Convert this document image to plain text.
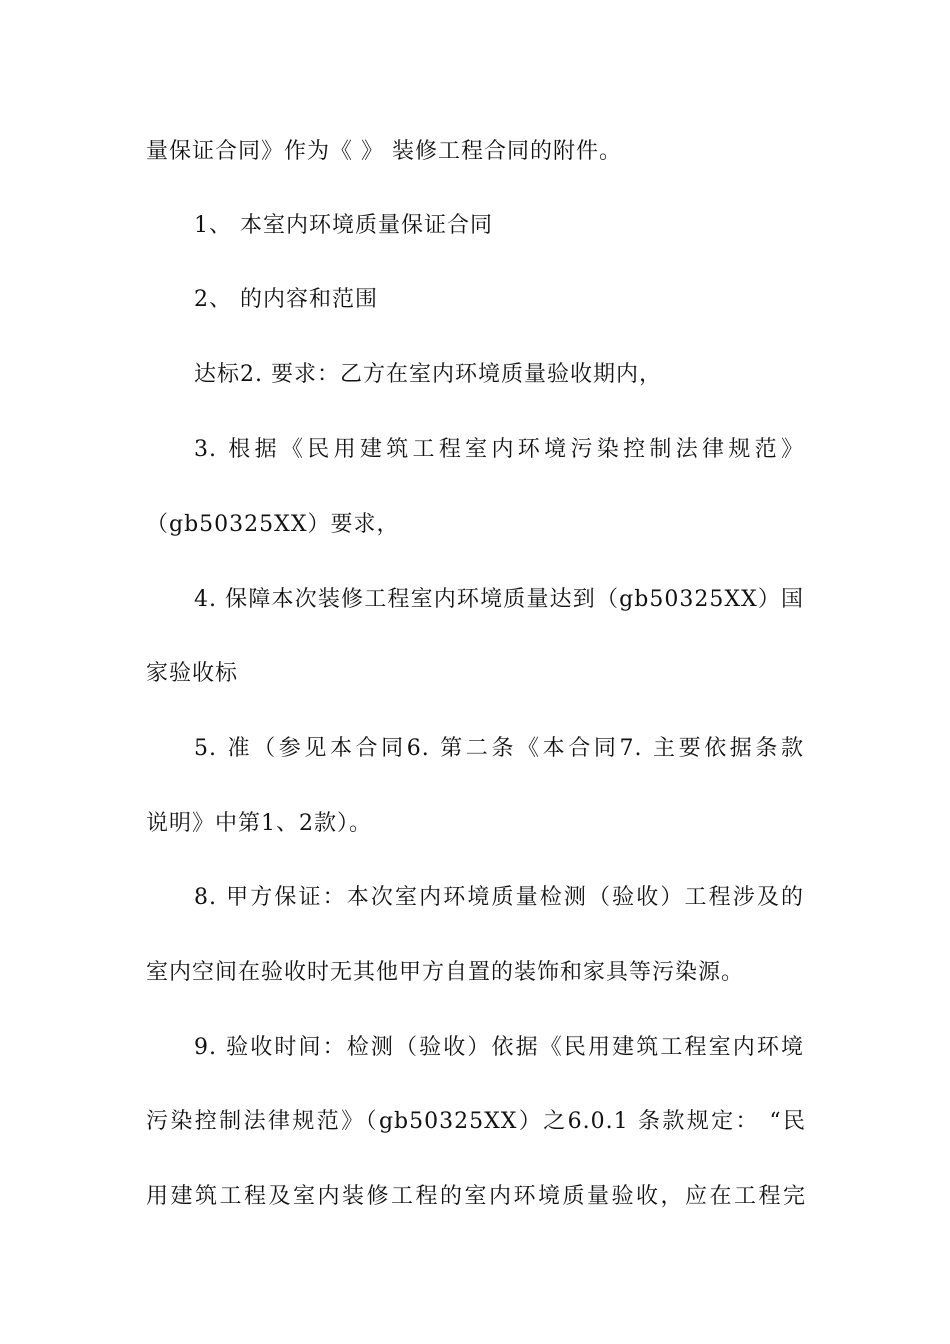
量保证合同》作为《 》 装修工程合同的附件。
1、 本室内环境质量保证合同
2、 的内容和范围
达标2. 要求：乙方在室内环境质量验收期内，
3. 根据《民用建筑工程室内环境污染控制法律规范》
（gb50325XX）要求，
4. 保障本次装修工程室内环境质量达到（gb50325XX）国
家验收标
5. 准（参见本合同6. 第二条《本合同7. 主要依据条款
说明》中第1、2款）。
8. 甲方保证：本次室内环境质量检测（验收）工程涉及的
室内空间在验收时无其他甲方自置的装饰和家具等污染源。
9. 验收时间：检测（验收）依据《民用建筑工程室内环境
污染控制法律规范》（gb50325XX）之6.0.1 条款规定： “民
用建筑工程及室内装修工程的室内环境质量验收，应在工程完
